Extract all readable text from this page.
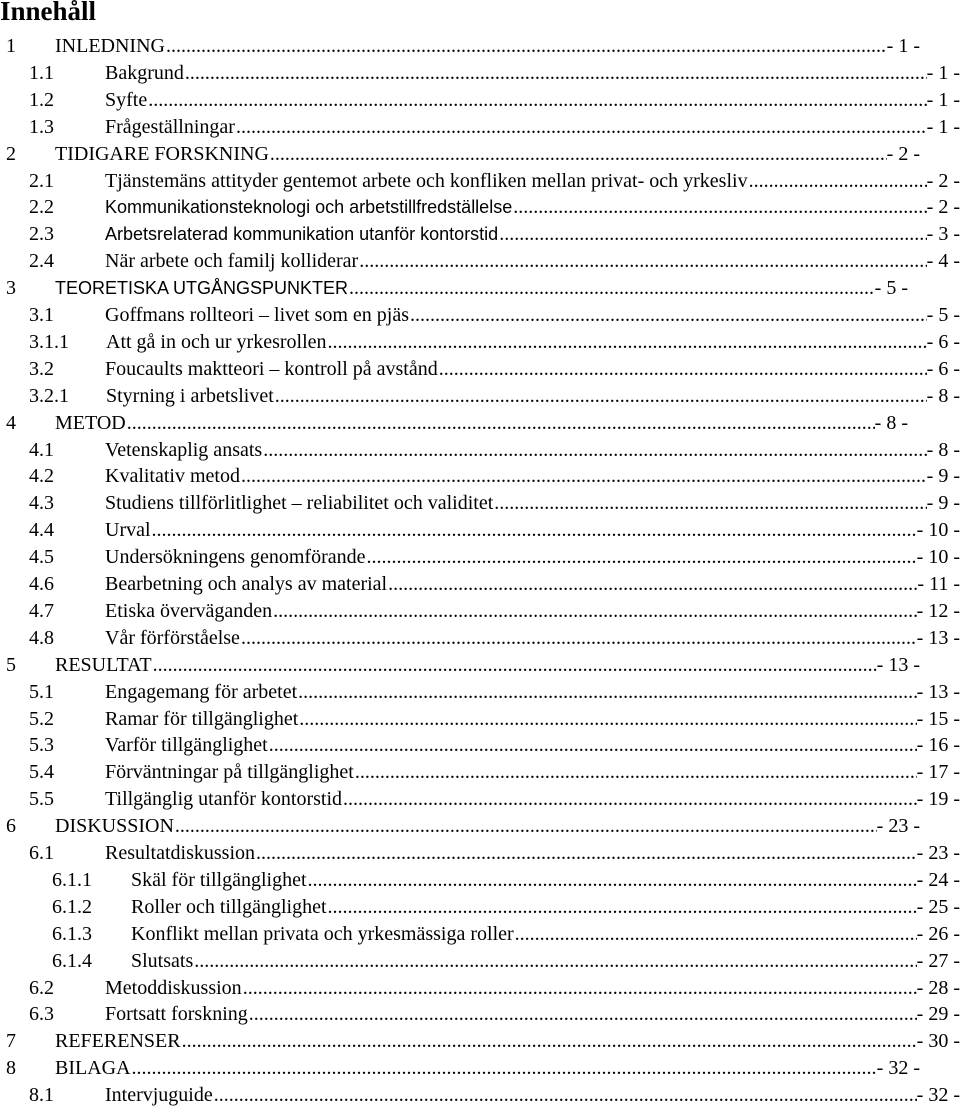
Innehåll
1 INLEDNING .....	- 1 -
1.1	Bakgrund .....	- 1 -
1.2	Syfte .....	- 1 -
1.3	Frågeställningar .....	- 1 -
2 TIDIGARE FORSKNING .....	- 2 -
2.1	Tjänstemäns attityder gentemot arbete och konfliken mellan privat- och yrkesliv .....	- 2 -
2.2	Kommunikationsteknologi och arbetstillfredställelse .....	- 2 -
2.3	Arbetsrelaterad kommunikation utanför kontorstid .....	- 3 -
2.4	När arbete och familj kolliderar .....	- 4 -
3 TEORETISKA UTGÅNGSPUNKTER .....	- 5 -
3.1	Goffmans rollteori – livet som en pjäs .....	- 5 -
3.1.1 Att gå in och ur yrkesrollen .....	- 6 -
3.2	Foucaults maktteori – kontroll på avstånd .....	- 6 -
3.2.1 Styrning i arbetslivet .....	- 8 -
4 METOD .....	- 8 -
4.1	Vetenskaplig ansats .....	- 8 -
4.2	Kvalitativ metod .....	- 9 -
4.3	Studiens tillförlitlighet – reliabilitet och validitet .....	- 9 -
4.4	Urval .....	- 10 -
4.5	Undersökningens genomförande .....	- 10 -
4.6	Bearbetning och analys av material .....	- 11 -
4.7	Etiska överväganden .....	- 12 -
4.8	Vår förförståelse .....	- 13 -
5 RESULTAT .....	- 13 -
5.1	Engagemang för arbetet .....	- 13 -
5.2	Ramar för tillgänglighet .....	- 15 -
5.3	Varför tillgänglighet .....	- 16 -
5.4	Förväntningar på tillgänglighet .....	- 17 -
5.5	Tillgänglig utanför kontorstid .....	- 19 -
6 DISKUSSION .....	- 23 -
6.1	Resultatdiskussion .....	- 23 -
6.1.1 Skäl för tillgänglighet .....	- 24 -
6.1.2 Roller och tillgänglighet .....	- 25 -
6.1.3 Konflikt mellan privata och yrkesmässiga roller .....	- 26 -
6.1.4 Slutsats .....	- 27 -
6.2	Metoddiskussion .....	- 28 -
6.3	Fortsatt forskning .....	- 29 -
7 REFERENSER .....	- 30 -
8 BILAGA .....	- 32 -
8.1	Intervjuguide .....	- 32 -
